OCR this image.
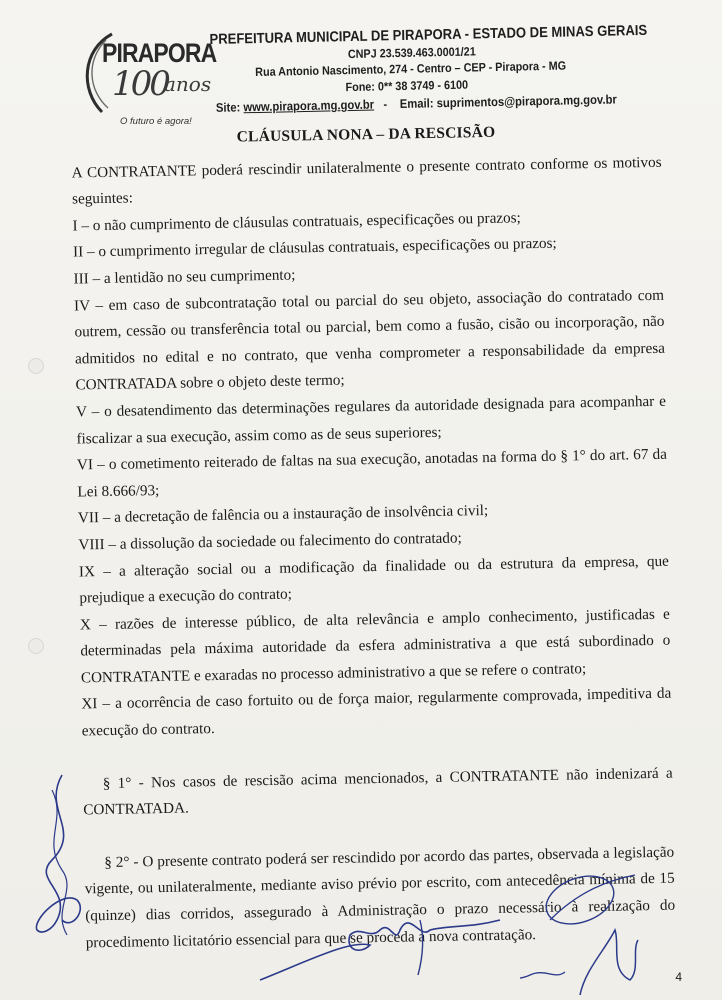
PIRAPORA
100
anos
O futuro é agora!
PREFEITURA MUNICIPAL DE PIRAPORA - ESTADO DE MINAS GERAIS
CNPJ 23.539.463.0001/21
Rua Antonio Nascimento, 274 - Centro – CEP - Pirapora - MG
Fone: 0** 38 3749 - 6100
Site: www.pirapora.mg.gov.br - Email: suprimentos@pirapora.mg.gov.br
CLÁUSULA NONA – DA RESCISÃO

A CONTRATANTE poderá rescindir unilateralmente o presente contrato conforme os motivos seguintes:

I – o não cumprimento de cláusulas contratuais, especificações ou prazos;

II – o cumprimento irregular de cláusulas contratuais, especificações ou prazos;

III – a lentidão no seu cumprimento;

IV – em caso de subcontratação total ou parcial do seu objeto, associação do contratado com outrem, cessão ou transferência total ou parcial, bem como a fusão, cisão ou incorporação, não admitidos no edital e no contrato, que venha comprometer a responsabilidade da empresa CONTRATADA sobre o objeto deste termo;

V – o desatendimento das determinações regulares da autoridade designada para acompanhar e fiscalizar a sua execução, assim como as de seus superiores;

VI – o cometimento reiterado de faltas na sua execução, anotadas na forma do § 1° do art. 67 da Lei 8.666/93;

VII – a decretação de falência ou a instauração de insolvência civil;

VIII – a dissolução da sociedade ou falecimento do contratado;

IX – a alteração social ou a modificação da finalidade ou da estrutura da empresa, que prejudique a execução do contrato;

X – razões de interesse público, de alta relevância e amplo conhecimento, justificadas e determinadas pela máxima autoridade da esfera administrativa a que está subordinado o CONTRATANTE e exaradas no processo administrativo a que se refere o contrato;

XI – a ocorrência de caso fortuito ou de força maior, regularmente comprovada, impeditiva da execução do contrato.

§ 1° - Nos casos de rescisão acima mencionados, a CONTRATANTE não indenizará a CONTRATADA.

§ 2° - O presente contrato poderá ser rescindido por acordo das partes, observada a legislação vigente, ou unilateralmente, mediante aviso prévio por escrito, com antecedência mínima de 15 (quinze) dias corridos, assegurado à Administração o prazo necessário à realização do procedimento licitatório essencial para que se proceda a nova contratação.

4
